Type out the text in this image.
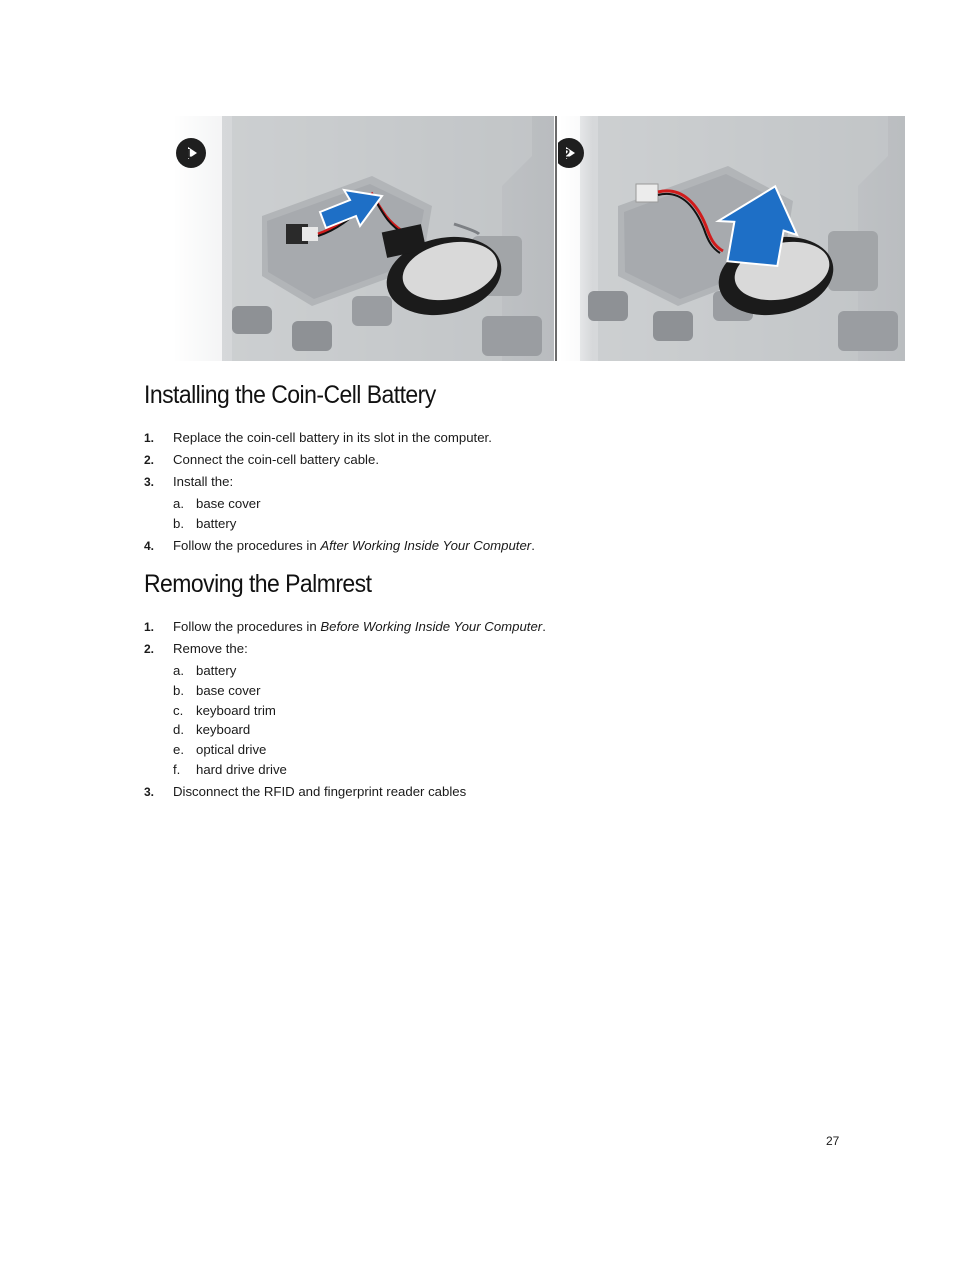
1	2
Installing the Coin-Cell Battery
1. Replace the coin-cell battery in its slot in the computer.
2. Connect the coin-cell battery cable.
3. Install the:
a. base cover
b. battery
4. Follow the procedures in After Working Inside Your Computer.
Removing the Palmrest
1. Follow the procedures in Before Working Inside Your Computer.
2. Remove the:
a. battery
b. base cover
c. keyboard trim
d. keyboard
e. optical drive
f. hard drive drive
3. Disconnect the RFID and fingerprint reader cables
27
